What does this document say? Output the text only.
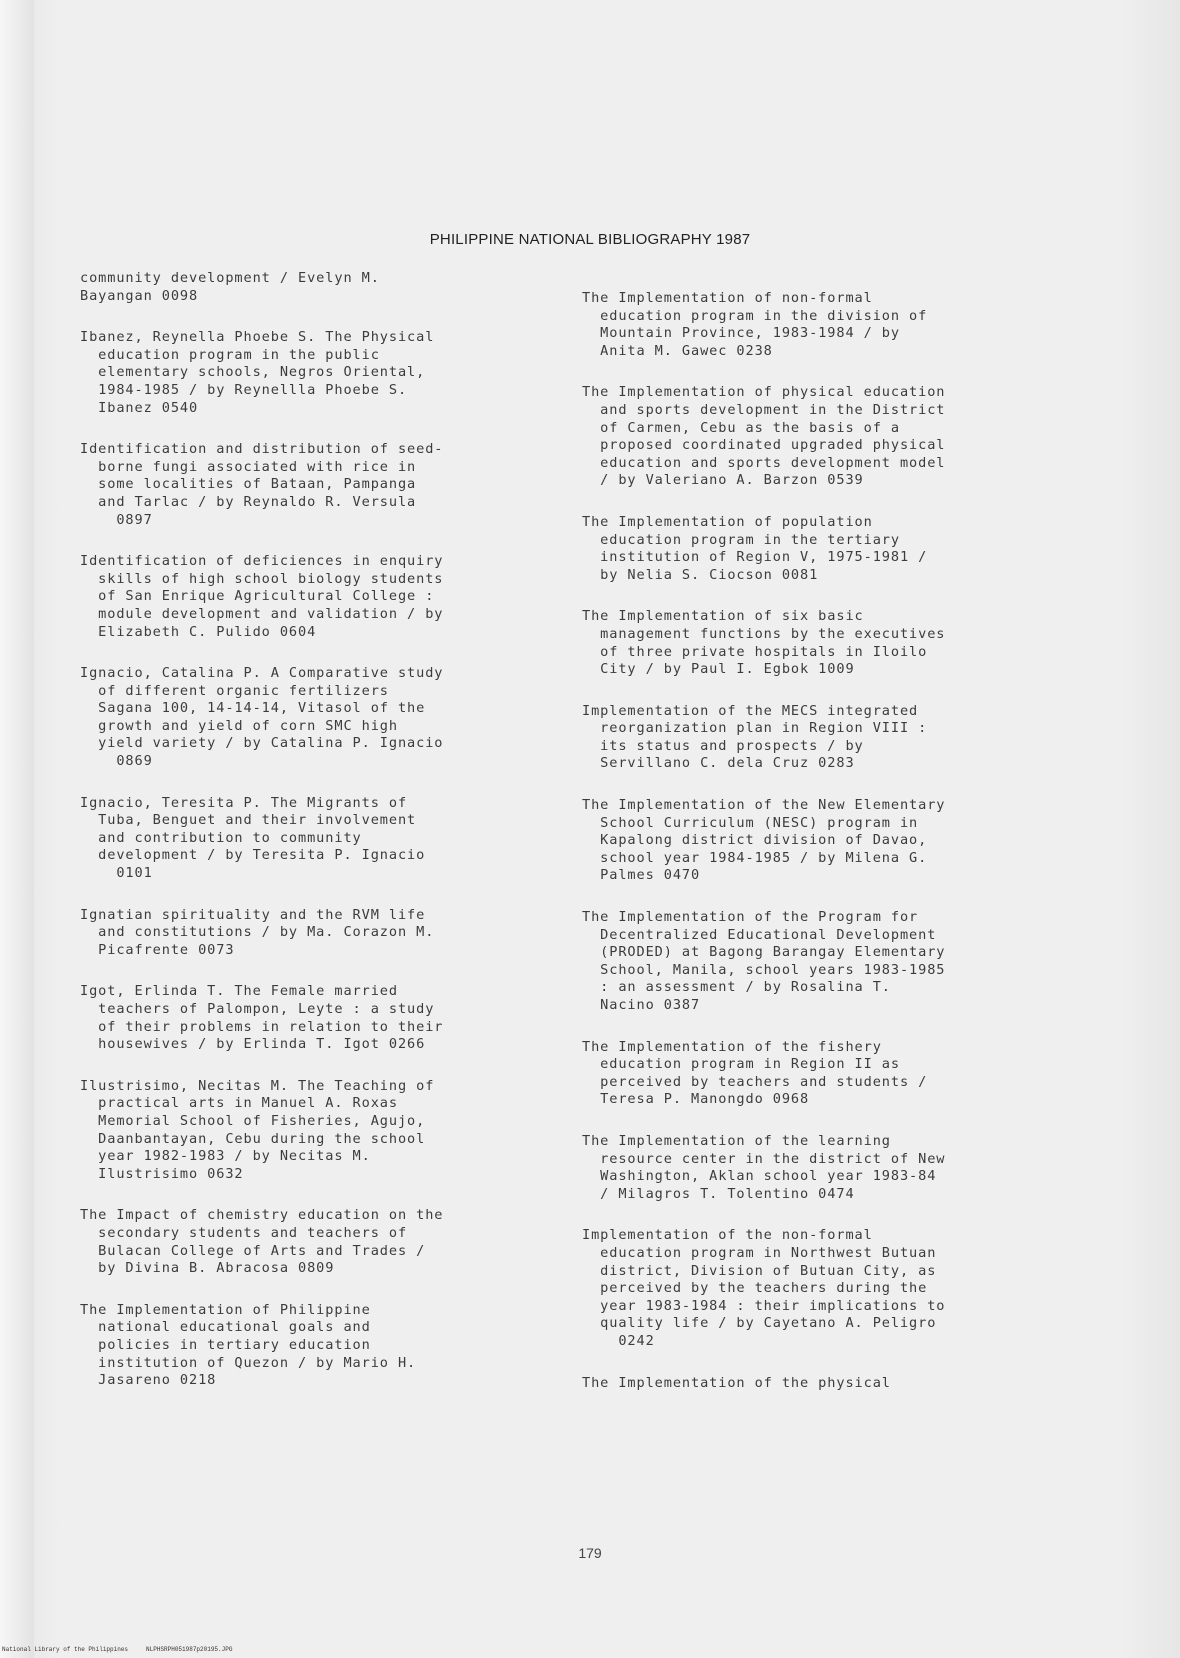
PHILIPPINE NATIONAL BIBLIOGRAPHY 1987

community development / Evelyn M.
Bayangan 0098

Ibanez, Reynella Phoebe S. The Physical
education program in the public
elementary schools, Negros Oriental,
1984-1985 / by Reynellla Phoebe S.
Ibanez 0540

Identification and distribution of seed-
borne fungi associated with rice in
some localities of Bataan, Pampanga
and Tarlac / by Reynaldo R. Versula
0897

Identification of deficiences in enquiry
skills of high school biology students
of San Enrique Agricultural College :
module development and validation / by
Elizabeth C. Pulido 0604

Ignacio, Catalina P. A Comparative study
of different organic fertilizers
Sagana 100, 14-14-14, Vitasol of the
growth and yield of corn SMC high
yield variety / by Catalina P. Ignacio
0869

Ignacio, Teresita P. The Migrants of
Tuba, Benguet and their involvement
and contribution to community
development / by Teresita P. Ignacio
0101

Ignatian spirituality and the RVM life
and constitutions / by Ma. Corazon M.
Picafrente 0073

Igot, Erlinda T. The Female married
teachers of Palompon, Leyte : a study
of their problems in relation to their
housewives / by Erlinda T. Igot 0266

Ilustrisimo, Necitas M. The Teaching of
practical arts in Manuel A. Roxas
Memorial School of Fisheries, Agujo,
Daanbantayan, Cebu during the school
year 1982-1983 / by Necitas M.
Ilustrisimo 0632

The Impact of chemistry education on the
secondary students and teachers of
Bulacan College of Arts and Trades /
by Divina B. Abracosa 0809

The Implementation of Philippine
national educational goals and
policies in tertiary education
institution of Quezon / by Mario H.
Jasareno 0218

The Implementation of non-formal
education program in the division of
Mountain Province, 1983-1984 / by
Anita M. Gawec 0238

The Implementation of physical education
and sports development in the District
of Carmen, Cebu as the basis of a
proposed coordinated upgraded physical
education and sports development model
/ by Valeriano A. Barzon 0539

The Implementation of population
education program in the tertiary
institution of Region V, 1975-1981 /
by Nelia S. Ciocson 0081

The Implementation of six basic
management functions by the executives
of three private hospitals in Iloilo
City / by Paul I. Egbok 1009

Implementation of the MECS integrated
reorganization plan in Region VIII :
its status and prospects / by
Servillano C. dela Cruz 0283

The Implementation of the New Elementary
School Curriculum (NESC) program in
Kapalong district division of Davao,
school year 1984-1985 / by Milena G.
Palmes 0470

The Implementation of the Program for
Decentralized Educational Development
(PRODED) at Bagong Barangay Elementary
School, Manila, school years 1983-1985
: an assessment / by Rosalina T.
Nacino 0387

The Implementation of the fishery
education program in Region II as
perceived by teachers and students /
Teresa P. Manongdo 0968

The Implementation of the learning
resource center in the district of New
Washington, Aklan school year 1983-84
/ Milagros T. Tolentino 0474

Implementation of the non-formal
education program in Northwest Butuan
district, Division of Butuan City, as
perceived by the teachers during the
year 1983-1984 : their implications to
quality life / by Cayetano A. Peligro
0242

The Implementation of the physical

179
National Library of the Philippines     NLPHSRPH051987p20195.JPG
